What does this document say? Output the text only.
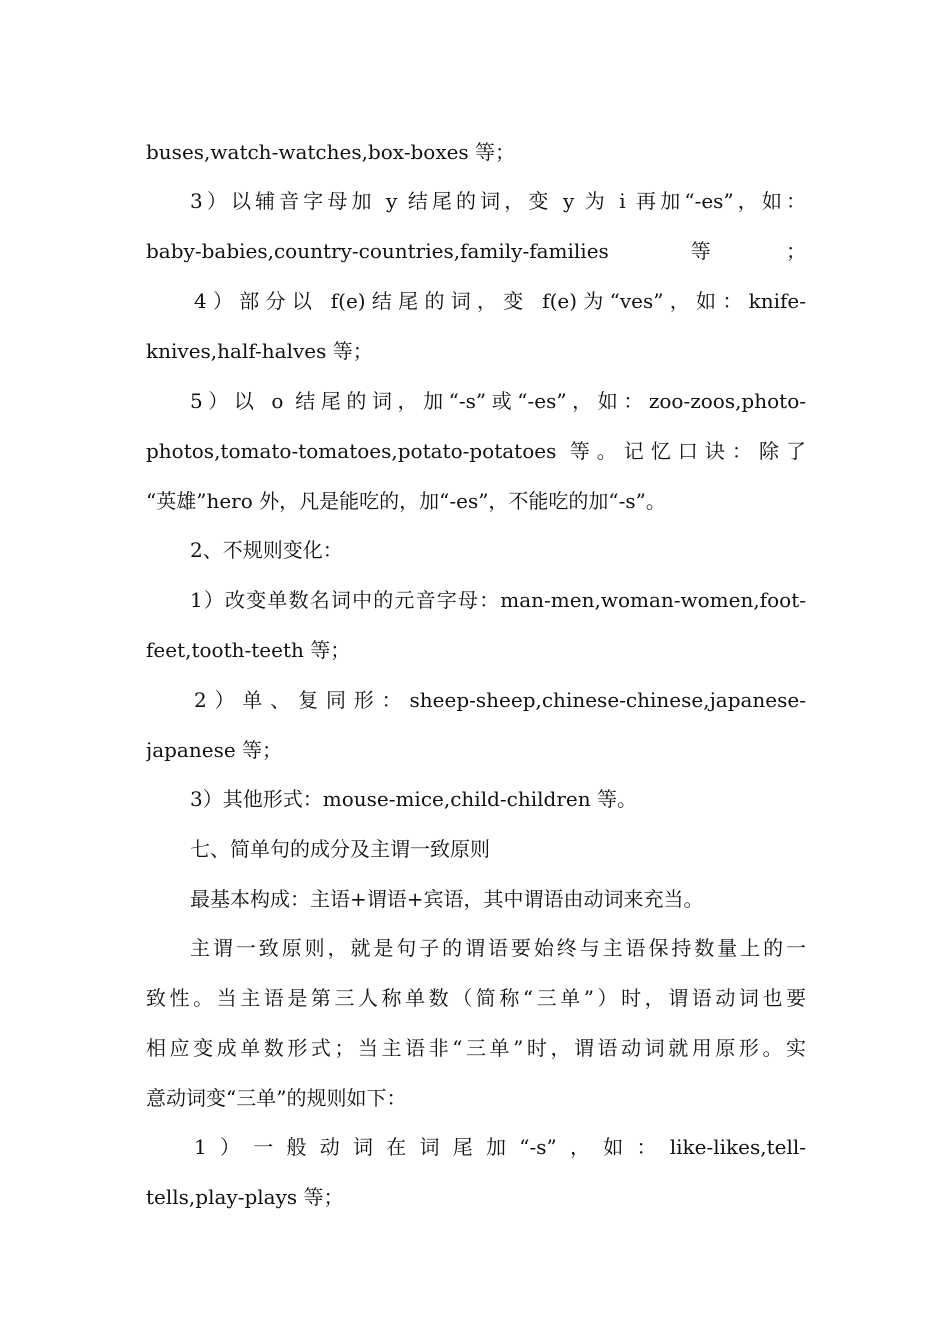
buses,watch-watches,box-boxes 等；
3）以辅音字母加 y 结尾的词，变 y 为 i 再加“-es”，如：
baby-babies,country-countries,family-families 等；
4）部分以 f(e)结尾的词，变 f(e)为“ves”，如：knife-
knives,half-halves 等；
5）以 o 结尾的词，加“-s”或“-es”，如：zoo-zoos,photo-
photos,tomato-tomatoes,potato-potatoes 等。记忆口诀：除了
“英雄”hero 外，凡是能吃的，加“-es”，不能吃的加“-s”。
2、不规则变化：
1）改变单数名词中的元音字母：man-men,woman-women,foot-
feet,tooth-teeth 等；
2）单、复同形：sheep-sheep,chinese-chinese,japanese-
japanese 等；
3）其他形式：mouse-mice,child-children 等。
七、简单句的成分及主谓一致原则
最基本构成：主语+谓语+宾语，其中谓语由动词来充当。
主谓一致原则，就是句子的谓语要始终与主语保持数量上的一
致性。当主语是第三人称单数（简称“三单”）时，谓语动词也要
相应变成单数形式；当主语非“三单”时，谓语动词就用原形。实
意动词变“三单”的规则如下：
1）一般动词在词尾加“-s”，如：like-likes,tell-
tells,play-plays 等；
